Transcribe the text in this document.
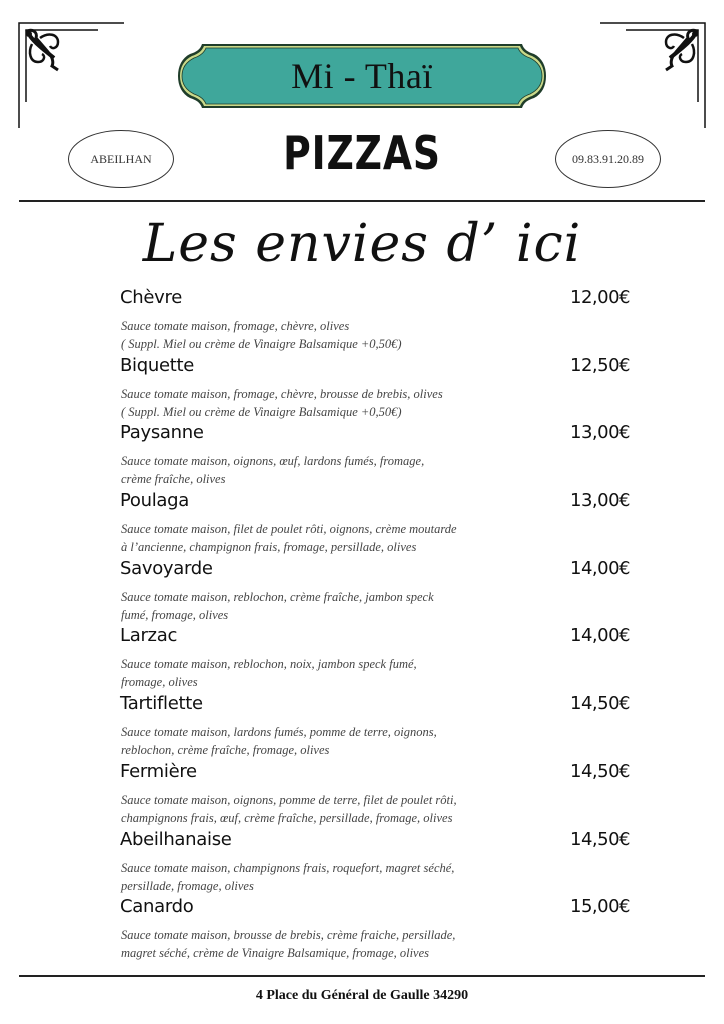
Mi - Thaï
ABEILHAN	PIZZAS	09.83.91.20.89
Les envies d’ ici
Chèvre	12,00€
Sauce tomate maison, fromage, chèvre, olives
( Suppl. Miel ou crème de Vinaigre Balsamique +0,50€)
Biquette	12,50€
Sauce tomate maison, fromage, chèvre, brousse de brebis, olives
( Suppl. Miel ou crème de Vinaigre Balsamique +0,50€)
Paysanne	13,00€
Sauce tomate maison, oignons, œuf, lardons fumés, fromage,
crème fraîche, olives
Poulaga	13,00€
Sauce tomate maison, filet de poulet rôti, oignons, crème moutarde
à l’ancienne, champignon frais, fromage, persillade, olives
Savoyarde	14,00€
Sauce tomate maison, reblochon, crème fraîche, jambon speck
fumé, fromage, olives
Larzac	14,00€
Sauce tomate maison, reblochon, noix, jambon speck fumé,
fromage, olives
Tartiflette	14,50€
Sauce tomate maison, lardons fumés, pomme de terre, oignons,
reblochon, crème fraîche, fromage, olives
Fermière	14,50€
Sauce tomate maison, oignons, pomme de terre, filet de poulet rôti,
champignons frais, œuf, crème fraîche, persillade, fromage, olives
Abeilhanaise	14,50€
Sauce tomate maison, champignons frais, roquefort, magret séché,
persillade, fromage, olives
Canardo	15,00€
Sauce tomate maison, brousse de brebis, crème fraiche, persillade,
magret séché, crème de Vinaigre Balsamique, fromage, olives
4 Place du Général de Gaulle 34290
